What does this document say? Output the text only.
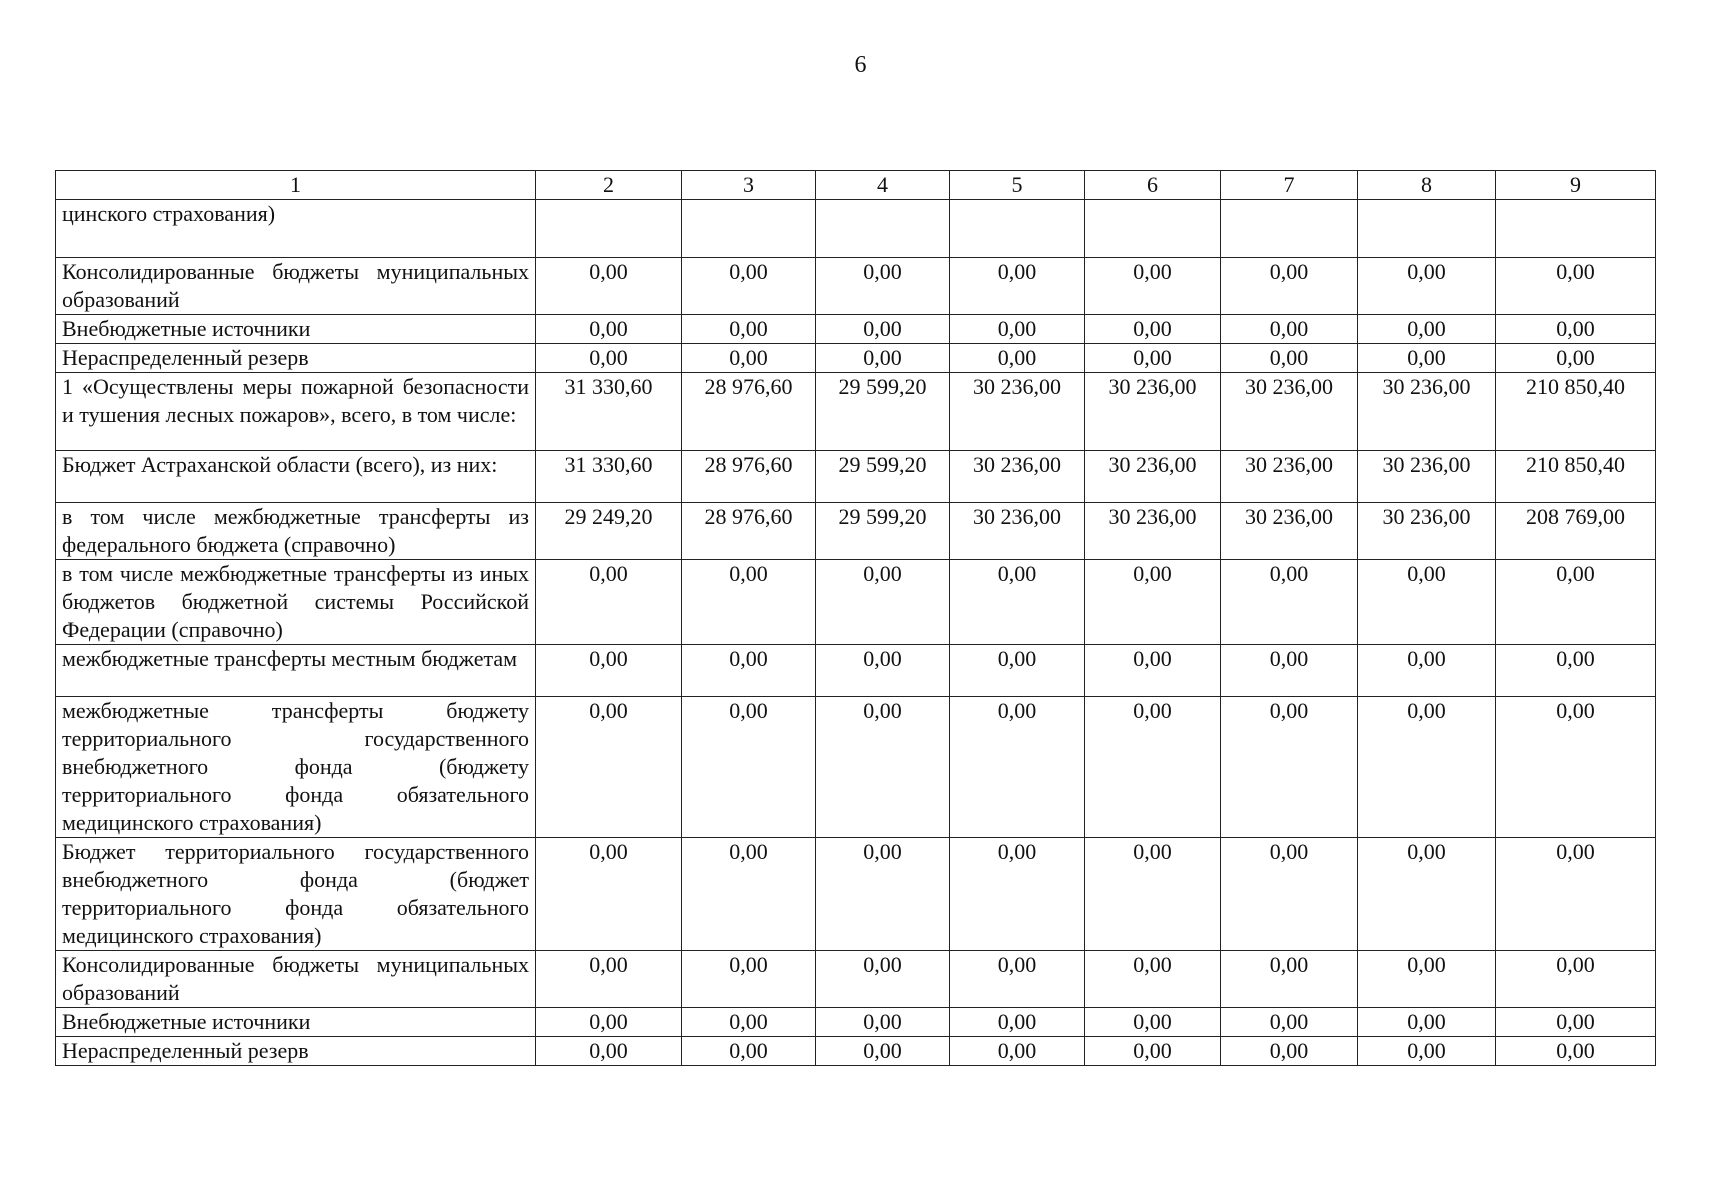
6
1	2	3	4	5	6	7	8	9
цинского страхования)								
Консолидированные бюджеты муниципальных образований	0,00	0,00	0,00	0,00	0,00	0,00	0,00	0,00
Внебюджетные источники	0,00	0,00	0,00	0,00	0,00	0,00	0,00	0,00
Нераспределенный резерв	0,00	0,00	0,00	0,00	0,00	0,00	0,00	0,00
1 «Осуществлены меры пожарной безопасности и тушения лесных пожаров», всего, в том числе:	31 330,60	28 976,60	29 599,20	30 236,00	30 236,00	30 236,00	30 236,00	210 850,40
Бюджет Астраханской области (всего), из них:	31 330,60	28 976,60	29 599,20	30 236,00	30 236,00	30 236,00	30 236,00	210 850,40
в том числе межбюджетные трансферты из федерального бюджета (справочно)	29 249,20	28 976,60	29 599,20	30 236,00	30 236,00	30 236,00	30 236,00	208 769,00
в том числе межбюджетные трансферты из иных бюджетов бюджетной системы Российской Федерации (справочно)	0,00	0,00	0,00	0,00	0,00	0,00	0,00	0,00
межбюджетные трансферты местным бюджетам	0,00	0,00	0,00	0,00	0,00	0,00	0,00	0,00
межбюджетные трансферты бюджету территориального государственного внебюджетного фонда (бюджету территориального фонда обязательного медицинского страхования)	0,00	0,00	0,00	0,00	0,00	0,00	0,00	0,00
Бюджет территориального государственного внебюджетного фонда (бюджет территориального фонда обязательного медицинского страхования)	0,00	0,00	0,00	0,00	0,00	0,00	0,00	0,00
Консолидированные бюджеты муниципальных образований	0,00	0,00	0,00	0,00	0,00	0,00	0,00	0,00
Внебюджетные источники	0,00	0,00	0,00	0,00	0,00	0,00	0,00	0,00
Нераспределенный резерв	0,00	0,00	0,00	0,00	0,00	0,00	0,00	0,00
